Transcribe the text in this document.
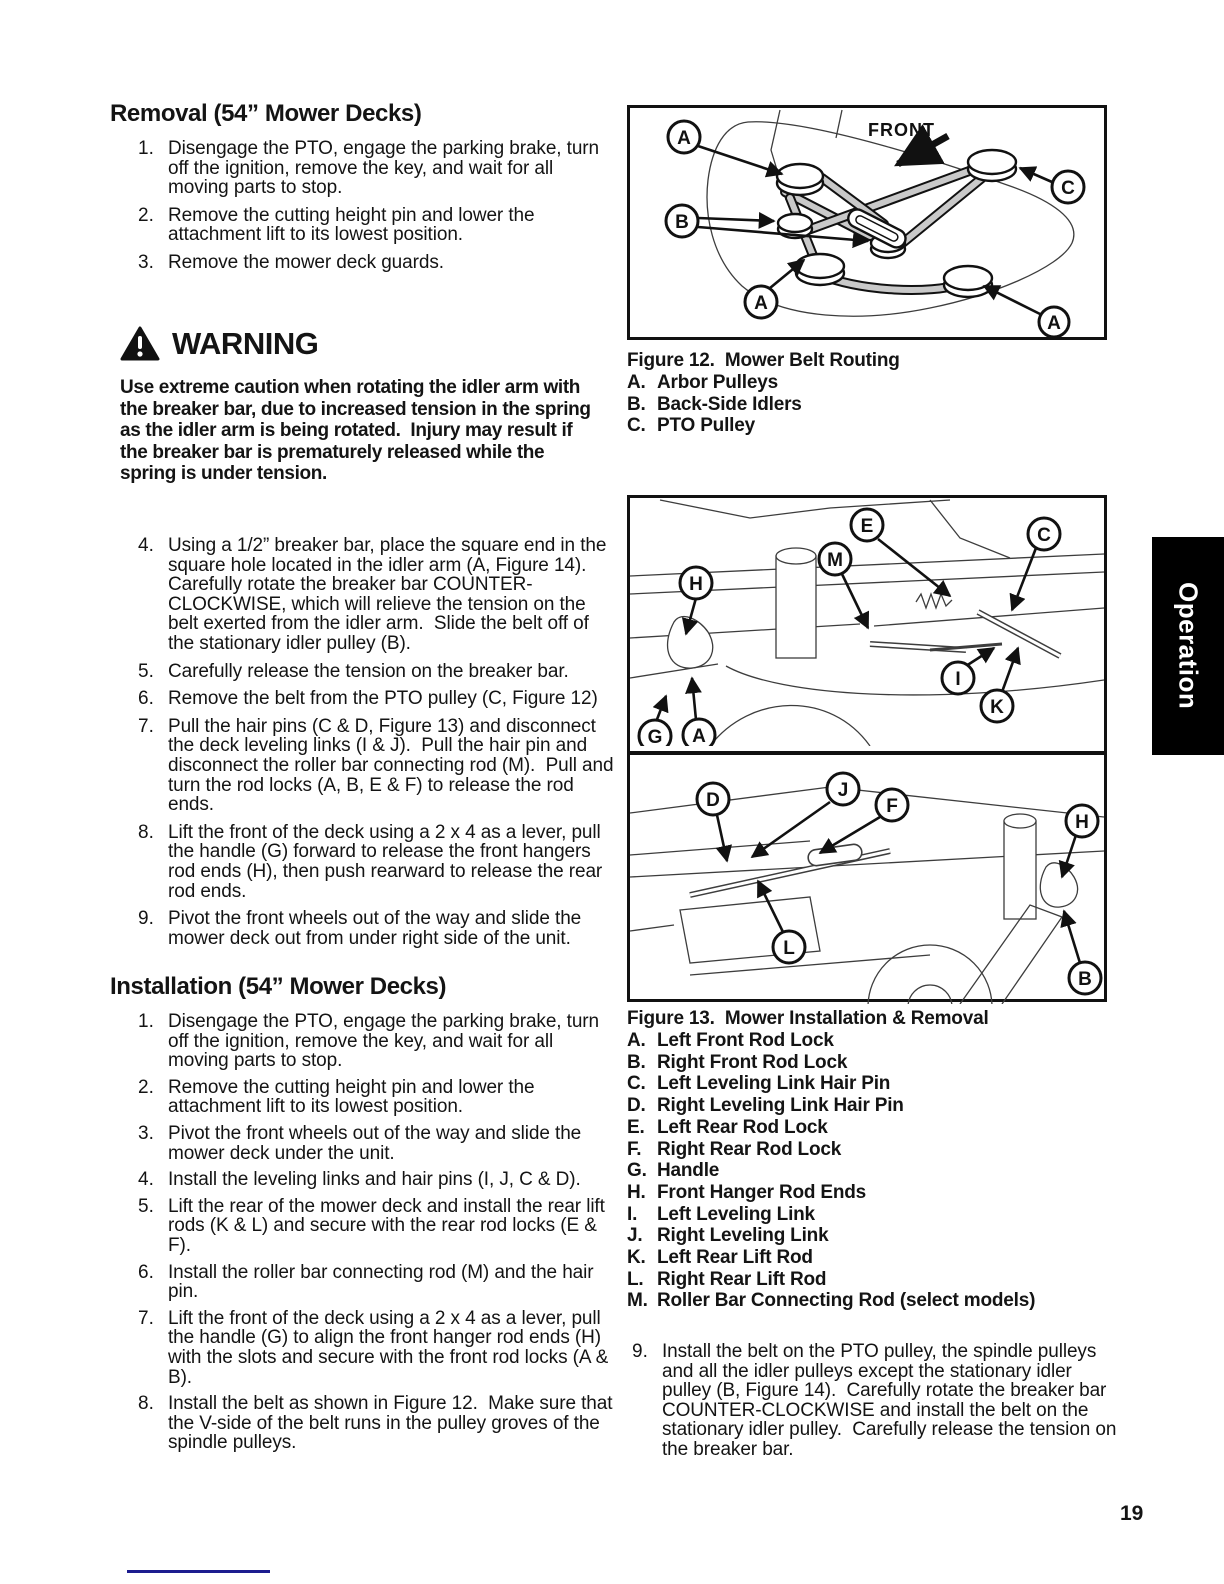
Removal (54” Mower Decks)
1. Disengage the PTO, engage the parking brake, turn off the ignition, remove the key, and wait for all moving parts to stop.
2. Remove the cutting height pin and lower the attachment lift to its lowest position.
3. Remove the mower deck guards.
WARNING
Use extreme caution when rotating the idler arm with the breaker bar, due to increased tension in the spring as the idler arm is being rotated.  Injury may result if the breaker bar is prematurely released while the spring is under tension.
4. Using a 1/2” breaker bar, place the square end in the square hole located in the idler arm (A, Figure 14).  Carefully rotate the breaker bar COUNTER-CLOCKWISE, which will relieve the tension on the belt exerted from the idler arm.  Slide the belt off of the stationary idler pulley (B).
5. Carefully release the tension on the breaker bar.
6. Remove the belt from the PTO pulley (C, Figure 12)
7. Pull the hair pins (C & D, Figure 13) and disconnect the deck leveling links (I & J).  Pull the hair pin and disconnect the roller bar connecting rod (M).  Pull and turn the rod locks (A, B, E & F) to release the rod ends.
8. Lift the front of the deck using a 2 x 4 as a lever, pull the handle (G) forward to release the front hangers rod ends (H), then push rearward to release the rear rod ends.
9. Pivot the front wheels out of the way and slide the mower deck out from under right side of the unit.
Installation (54” Mower Decks)
1. Disengage the PTO, engage the parking brake, turn off the ignition, remove the key, and wait for all moving parts to stop.
2. Remove the cutting height pin and lower the attachment lift to its lowest position.
3. Pivot the front wheels out of the way and slide the mower deck under the unit.
4. Install the leveling links and hair pins (I, J, C & D).
5. Lift the rear of the mower deck and install the rear lift rods (K & L) and secure with the rear rod locks (E & F).
6. Install the roller bar connecting rod (M) and the hair pin.
7. Lift the front of the deck using a 2 x 4 as a lever, pull the handle (G) to align the front hanger rod ends (H) with the slots and secure with the front rod locks (A & B).
8. Install the belt as shown in Figure 12.  Make sure that the V-side of the belt runs in the pulley groves of the spindle pulleys.
FRONT
A
B
C
A
A
Figure 12.  Mower Belt Routing
A. Arbor Pulleys
B. Back-Side Idlers
C. PTO Pulley
E	C
M
H
I
K
G A
D	J
F
H
L
B
Figure 13.  Mower Installation & Removal
A. Left Front Rod Lock
B. Right Front Rod Lock
C. Left Leveling Link Hair Pin
D. Right Leveling Link Hair Pin
E. Left Rear Rod Lock
F. Right Rear Rod Lock
G. Handle
H. Front Hanger Rod Ends
I.	Left Leveling Link
J. Right Leveling Link
K. Left Rear Lift Rod
L. Right Rear Lift Rod
M. Roller Bar Connecting Rod (select models)
9. Install the belt on the PTO pulley, the spindle pulleys and all the idler pulleys except the stationary idler pulley (B, Figure 14).  Carefully rotate the breaker bar COUNTER-CLOCKWISE and install the belt on the stationary idler pulley.  Carefully release the tension on the breaker bar.
Operation
19
